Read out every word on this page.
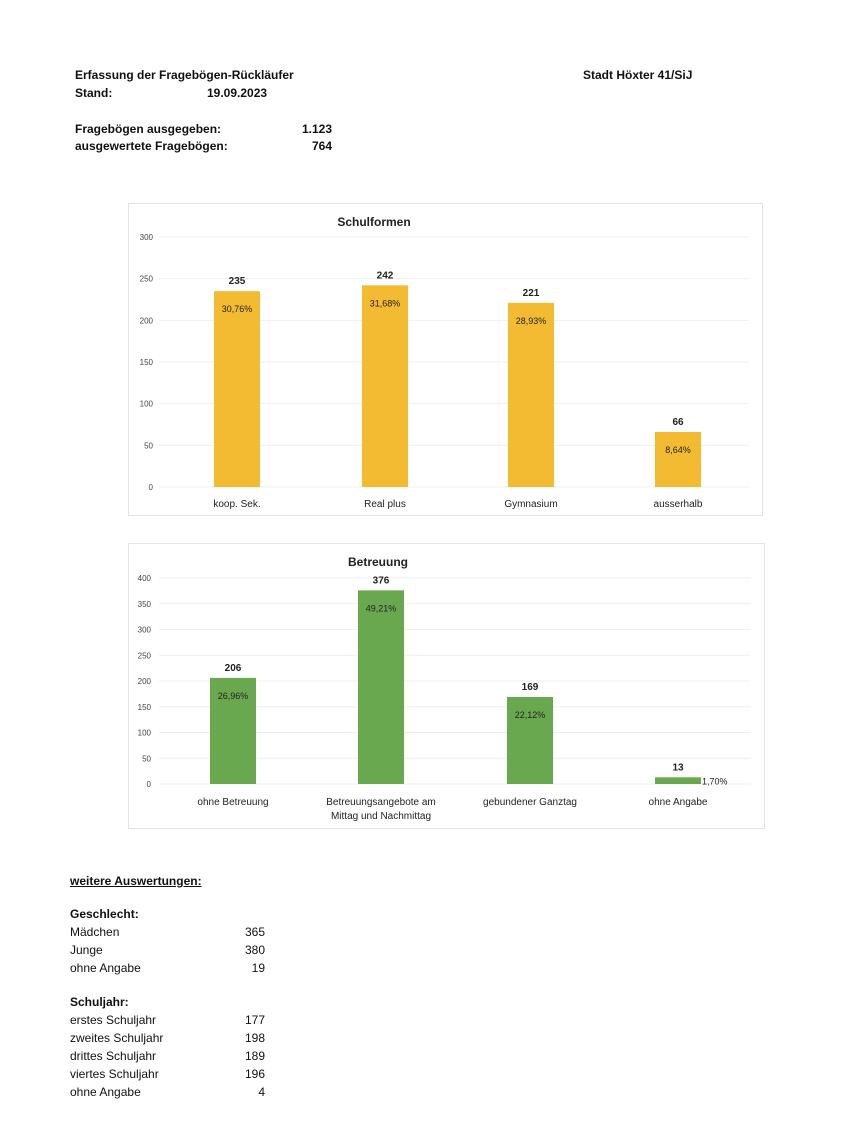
Erfassung der Fragebögen-Rückläufer
Stand:	19.09.2023
Stadt Höxter 41/SiJ
Fragebögen ausgegeben:	1.123
ausgewertete Fragebögen:	764
Schulformen
0
50
100
150
200
250
300
235
30,76%
koop. Sek.
242
31,68%
Real plus
221
28,93%
Gymnasium
66
8,64%
ausserhalb
Betreuung
0
50
100
150
200
250
300
350
400
206
26,96%
ohne Betreuung
376
49,21%
Betreuungsangebote am
Mittag und Nachmittag
169
22,12%
gebundener Ganztag
13
1,70%
ohne Angabe
weitere Auswertungen:
Geschlecht:
Mädchen	365
Junge	380
ohne Angabe	19
Schuljahr:
erstes Schuljahr	177
zweites Schuljahr	198
drittes Schuljahr	189
viertes Schuljahr	196
ohne Angabe	4
